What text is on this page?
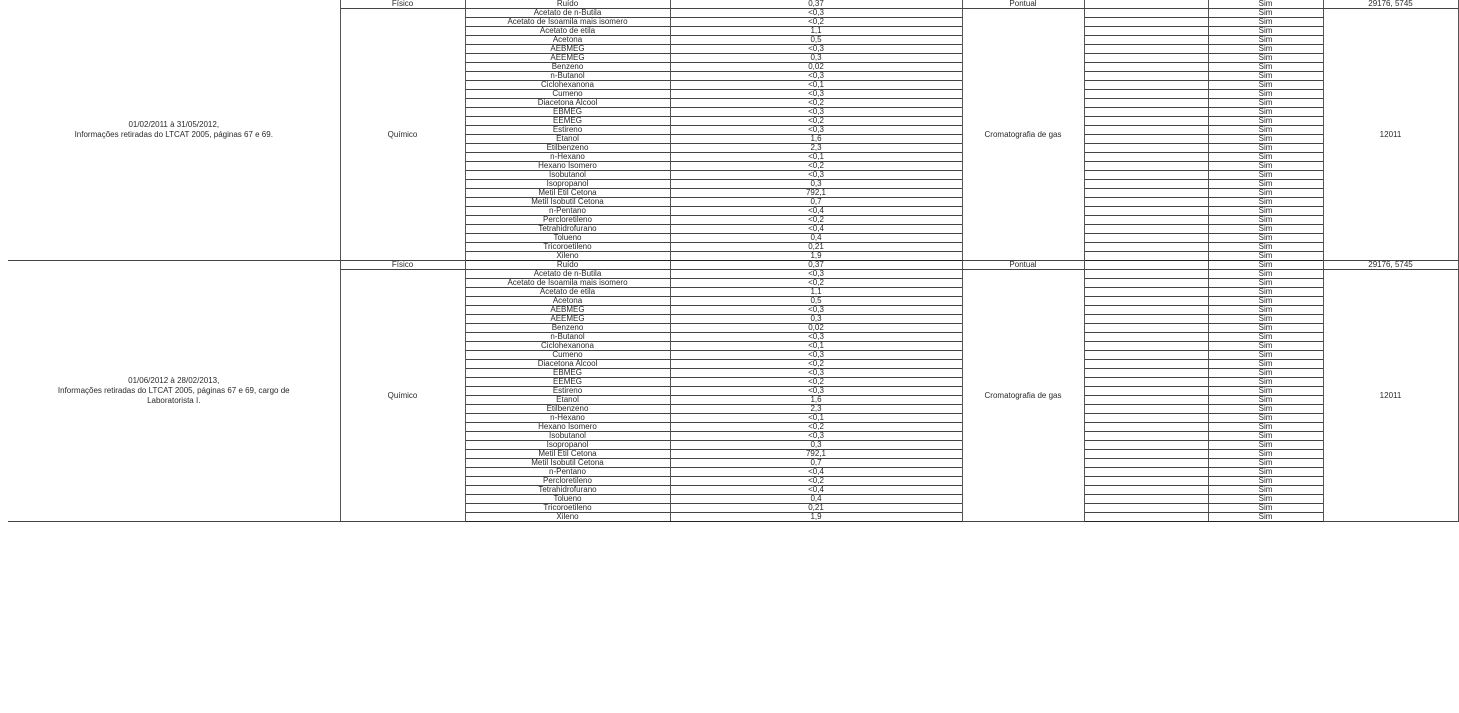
01/02/2011 à 31/05/2012,
Informações retiradas do LTCAT 2005, páginas 67 e 69.	Físico	Ruído	0,37	Pontual		Sim	29176, 5745
	Químico	Acetato de n-Butila	<0,3	Cromatografia de gas		Sim	12011
		Acetato de Isoamila mais isomero	<0,2			Sim	
		Acetato de etila	1,1			Sim	
		Acetona	0,5			Sim	
		AEBMEG	<0,3			Sim	
		AEEMEG	0,3			Sim	
		Benzeno	0,02			Sim	
		n-Butanol	<0,3			Sim	
		Ciclohexanona	<0,1			Sim	
		Cumeno	<0,3			Sim	
		Diacetona Alcool	<0,2			Sim	
		EBMEG	<0,3			Sim	
		EEMEG	<0,2			Sim	
		Estireno	<0,3			Sim	
		Etanol	1,6			Sim	
		Etilbenzeno	2,3			Sim	
		n-Hexano	<0,1			Sim	
		Hexano Isomero	<0,2			Sim	
		Isobutanol	<0,3			Sim	
		Isopropanol	0,3			Sim	
		Metil Etil Cetona	792,1			Sim	
		Metil Isobutil Cetona	0,7			Sim	
		n-Pentano	<0,4			Sim	
		Percloretileno	<0,2			Sim	
		Tetrahidrofurano	<0,4			Sim	
		Tolueno	0,4			Sim	
		Tricoroetileno	0,21			Sim	
		Xileno	1,9			Sim	

01/06/2012 à 28/02/2013,
Informações retiradas do LTCAT 2005, páginas 67 e 69, cargo de
Laboratorista I.	Físico	Ruído	0,37	Pontual		Sim	29176, 5745
	Químico	Acetato de n-Butila	<0,3	Cromatografia de gas		Sim	12011
		Acetato de Isoamila mais isomero	<0,2			Sim	
		Acetato de etila	1,1			Sim	
		Acetona	0,5			Sim	
		AEBMEG	<0,3			Sim	
		AEEMEG	0,3			Sim	
		Benzeno	0,02			Sim	
		n-Butanol	<0,3			Sim	
		Ciclohexanona	<0,1			Sim	
		Cumeno	<0,3			Sim	
		Diacetona Alcool	<0,2			Sim	
		EBMEG	<0,3			Sim	
		EEMEG	<0,2			Sim	
		Estireno	<0,3			Sim	
		Etanol	1,6			Sim	
		Etilbenzeno	2,3			Sim	
		n-Hexano	<0,1			Sim	
		Hexano Isomero	<0,2			Sim	
		Isobutanol	<0,3			Sim	
		Isopropanol	0,3			Sim	
		Metil Etil Cetona	792,1			Sim	
		Metil Isobutil Cetona	0,7			Sim	
		n-Pentano	<0,4			Sim	
		Percloretileno	<0,2			Sim	
		Tetrahidrofurano	<0,4			Sim	
		Tolueno	0,4			Sim	
		Tricoroetileno	0,21			Sim	
		Xileno	1,9			Sim	
